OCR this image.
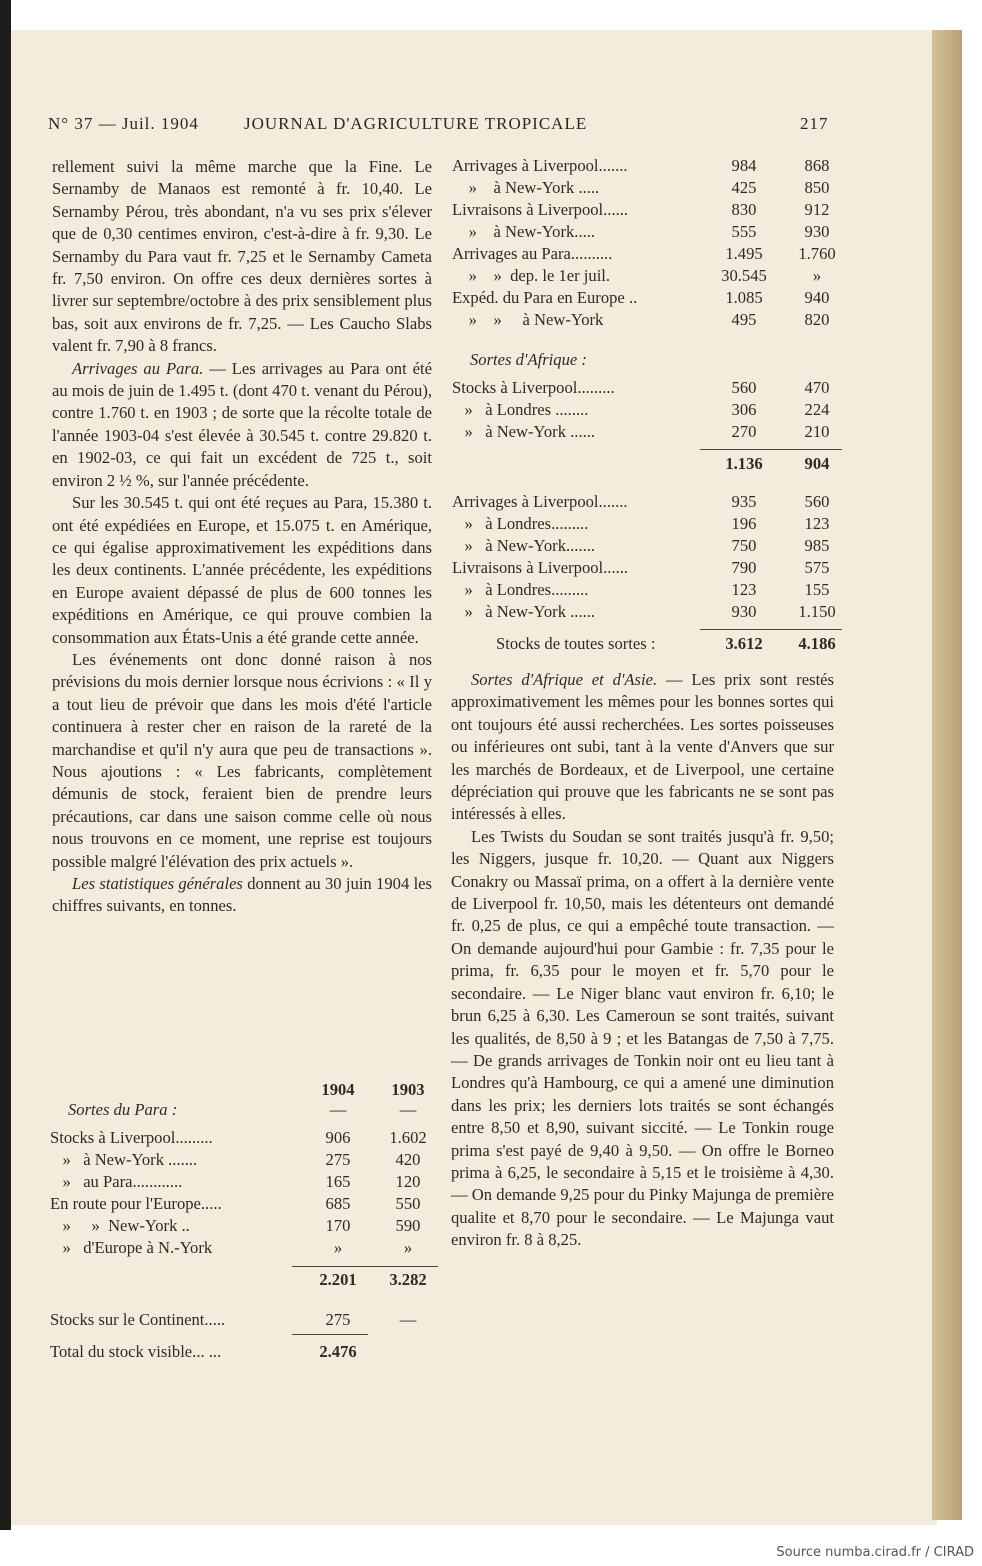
N° 37 — Juil. 1904	JOURNAL D'AGRICULTURE TROPICALE	217

rellement suivi la même marche que la Fine. Le Sernamby de Manaos est remonté à fr. 10,40. Le Sernamby Pérou, très abondant, n'a vu ses prix s'élever que de 0,30 centimes environ, c'est-à-dire à fr. 9,30. Le Sernamby du Para vaut fr. 7,25 et le Sernamby Cameta fr. 7,50 environ. On offre ces deux dernières sortes à livrer sur septembre/octobre à des prix sensiblement plus bas, soit aux environs de fr. 7,25. — Les Caucho Slabs valent fr. 7,90 à 8 francs.

Arrivages au Para. — Les arrivages au Para ont été au mois de juin de 1.495 t. (dont 470 t. venant du Pérou), contre 1.760 t. en 1903 ; de sorte que la récolte totale de l'année 1903-04 s'est élevée à 30.545 t. contre 29.820 t. en 1902-03, ce qui fait un excédent de 725 t., soit environ 2 ½ %, sur l'année précédente.

Sur les 30.545 t. qui ont été reçues au Para, 15.380 t. ont été expédiées en Europe, et 15.075 t. en Amérique, ce qui égalise approximativement les expéditions dans les deux continents. L'année précédente, les expéditions en Europe avaient dépassé de plus de 600 tonnes les expéditions en Amérique, ce qui prouve combien la consommation aux États-Unis a été grande cette année.

Les événements ont donc donné raison à nos prévisions du mois dernier lorsque nous écrivions : « Il y a tout lieu de prévoir que dans les mois d'été l'article continuera à rester cher en raison de la rareté de la marchandise et qu'il n'y aura que peu de transactions ». Nous ajoutions : « Les fabricants, complètement démunis de stock, feraient bien de prendre leurs précautions, car dans une saison comme celle où nous nous trouvons en ce moment, une reprise est toujours possible malgré l'élévation des prix actuels ».

Les statistiques générales donnent au 30 juin 1904 les chiffres suivants, en tonnes.

1904	1903
Sortes du Para :	—	—
Stocks à Liverpool.........	906	1.602
»   à New-York .......	275	420
»   au Para............	165	120
En route pour l'Europe.....	685	550
»     »  New-York ..	170	590
»   d'Europe à N.-York	»	»
2.201	3.282
Stocks sur le Continent.....	275	—
Total du stock visible... ...	2.476
Arrivages à Liverpool.......	984	868
»    à New-York .....	425	850
Livraisons à Liverpool......	830	912
»    à New-York.....	555	930
Arrivages au Para..........	1.495	1.760
»    »  dep. le 1er juil.	30.545	»
Expéd. du Para en Europe ..	1.085	940
»    »     à New-York	495	820
Sortes d'Afrique :
Stocks à Liverpool.........	560	470
»   à Londres ........	306	224
»   à New-York ......	270	210
1.136	904
Arrivages à Liverpool.......	935	560
»   à Londres.........	196	123
»   à New-York.......	750	985
Livraisons à Liverpool......	790	575
»   à Londres.........	123	155
»   à New-York ......	930	1.150
Stocks de toutes sortes :	3.612	4.186

Sortes d'Afrique et d'Asie. — Les prix sont restés approximativement les mêmes pour les bonnes sortes qui ont toujours été aussi recherchées. Les sortes poisseuses ou inférieures ont subi, tant à la vente d'Anvers que sur les marchés de Bordeaux, et de Liverpool, une certaine dépréciation qui prouve que les fabricants ne se sont pas intéressés à elles.

Les Twists du Soudan se sont traités jusqu'à fr. 9,50; les Niggers, jusque fr. 10,20. — Quant aux Niggers Conakry ou Massaï prima, on a offert à la dernière vente de Liverpool fr. 10,50, mais les détenteurs ont demandé fr. 0,25 de plus, ce qui a empêché toute transaction. — On demande aujourd'hui pour Gambie : fr. 7,35 pour le prima, fr. 6,35 pour le moyen et fr. 5,70 pour le secondaire. — Le Niger blanc vaut environ fr. 6,10; le brun 6,25 à 6,30. Les Cameroun se sont traités, suivant les qualités, de 8,50 à 9 ; et les Batangas de 7,50 à 7,75. — De grands arrivages de Tonkin noir ont eu lieu tant à Londres qu'à Hambourg, ce qui a amené une diminution dans les prix; les derniers lots traités se sont échangés entre 8,50 et 8,90, suivant siccité. — Le Tonkin rouge prima s'est payé de 9,40 à 9,50. — On offre le Borneo prima à 6,25, le secondaire à 5,15 et le troisième à 4,30. — On demande 9,25 pour du Pinky Majunga de première qualite et 8,70 pour le secondaire. — Le Majunga vaut environ fr. 8 à 8,25.

Source numba.cirad.fr / CIRAD
